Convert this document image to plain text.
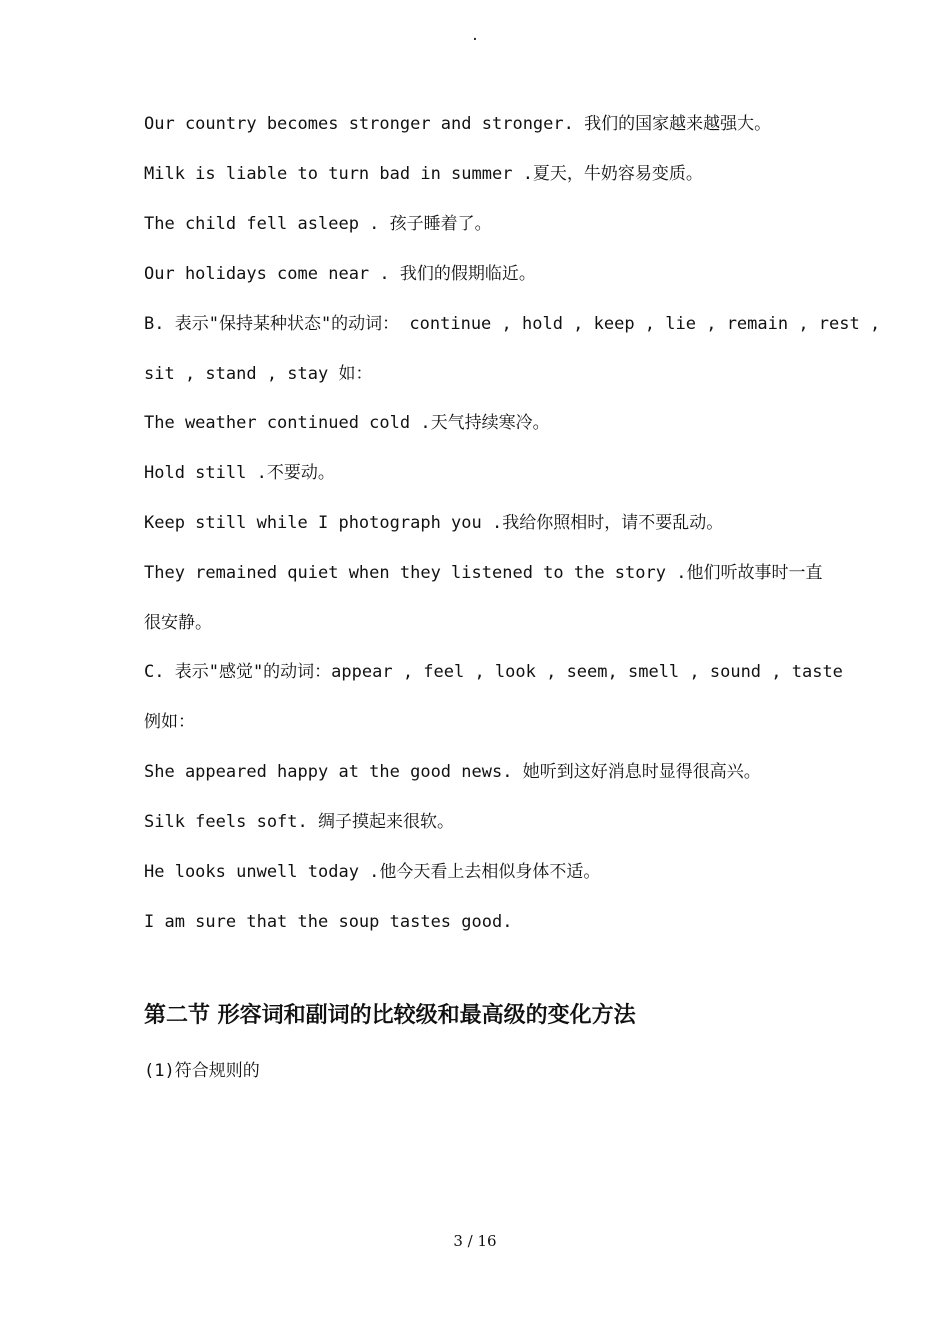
.
Our country becomes stronger and stronger. 我们的国家越来越强大。
Milk is liable to turn bad in summer .夏天，牛奶容易变质。
The child fell asleep . 孩子睡着了。
Our holidays come near . 我们的假期临近。
B. 表示"保持某种状态"的动词： continue , hold , keep , lie , remain , rest ,
sit , stand , stay 如：
The weather continued cold .天气持续寒冷。
Hold still .不要动。
Keep still while I photograph you .我给你照相时，请不要乱动。
They remained quiet when they listened to the story .他们听故事时一直
很安静。
C. 表示"感觉"的动词：appear , feel , look , seem, smell , sound , taste
例如：
She appeared happy at the good news. 她听到这好消息时显得很高兴。
Silk feels soft. 绸子摸起来很软。
He looks unwell today .他今天看上去相似身体不适。
I am sure that the soup tastes good.
第二节 形容词和副词的比较级和最高级的变化方法
(1)符合规则的
3 / 16
